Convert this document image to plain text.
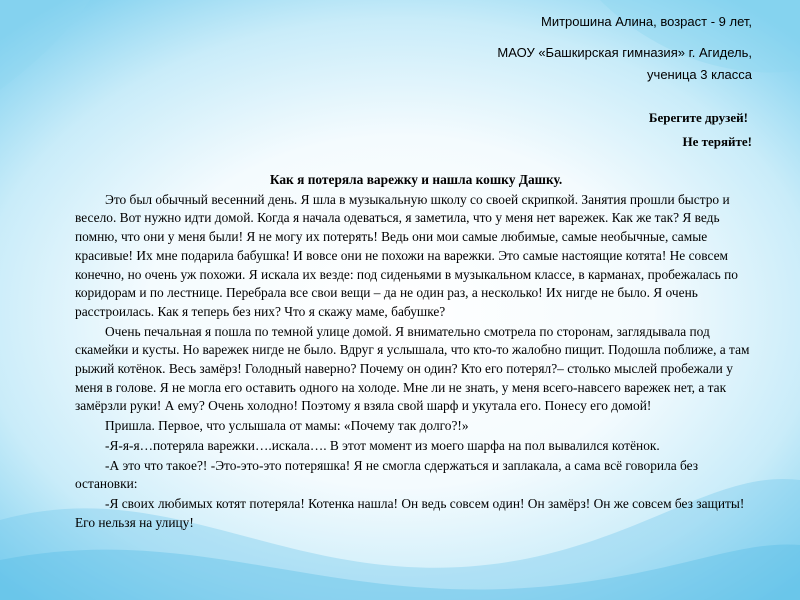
Митрошина Алина, возраст - 9 лет,
МАОУ «Башкирская гимназия» г. Агидель,
ученица 3 класса
Берегите друзей!
Не теряйте!
Как я потеряла варежку и нашла кошку Дашку.

Это был обычный весенний день. Я шла в музыкальную школу со своей скрипкой. Занятия прошли быстро и весело. Вот нужно идти домой. Когда я начала одеваться, я заметила, что у меня нет варежек. Как же так? Я ведь помню, что они у меня были! Я не могу их потерять! Ведь они мои самые любимые, самые необычные, самые красивые! Их мне подарила бабушка! И вовсе они не похожи на варежки. Это самые настоящие котята! Не совсем конечно, но очень уж похожи. Я искала их везде: под сиденьями в музыкальном классе, в карманах, пробежалась по коридорам и по лестнице. Перебрала все свои вещи – да не один раз, а несколько! Их нигде не было. Я очень расстроилась. Как я теперь без них? Что я скажу маме, бабушке?

Очень печальная я пошла по темной улице домой. Я внимательно смотрела по сторонам, заглядывала под скамейки и кусты. Но варежек нигде не было. Вдруг я услышала, что кто-то жалобно пищит. Подошла поближе, а там рыжий котёнок. Весь замёрз! Голодный наверно? Почему он один? Кто его потерял?– столько мыслей пробежали у меня в голове. Я не могла его оставить одного на холоде. Мне ли не знать, у меня всего-навсего варежек нет, а так замёрзли руки! А ему? Очень холодно! Поэтому я взяла свой шарф и укутала его. Понесу его домой!

Пришла. Первое, что услышала от мамы: «Почему так долго?!»

-Я-я-я…потеряла варежки….искала…. В этот момент из моего шарфа на пол вывалился котёнок.

-А это что такое?! -Это-это-это потеряшка! Я не смогла сдержаться и заплакала, а сама всё говорила без остановки:

-Я своих любимых котят потеряла! Котенка нашла! Он ведь совсем один! Он замёрз! Он же совсем без защиты! Его нельзя на улицу!
